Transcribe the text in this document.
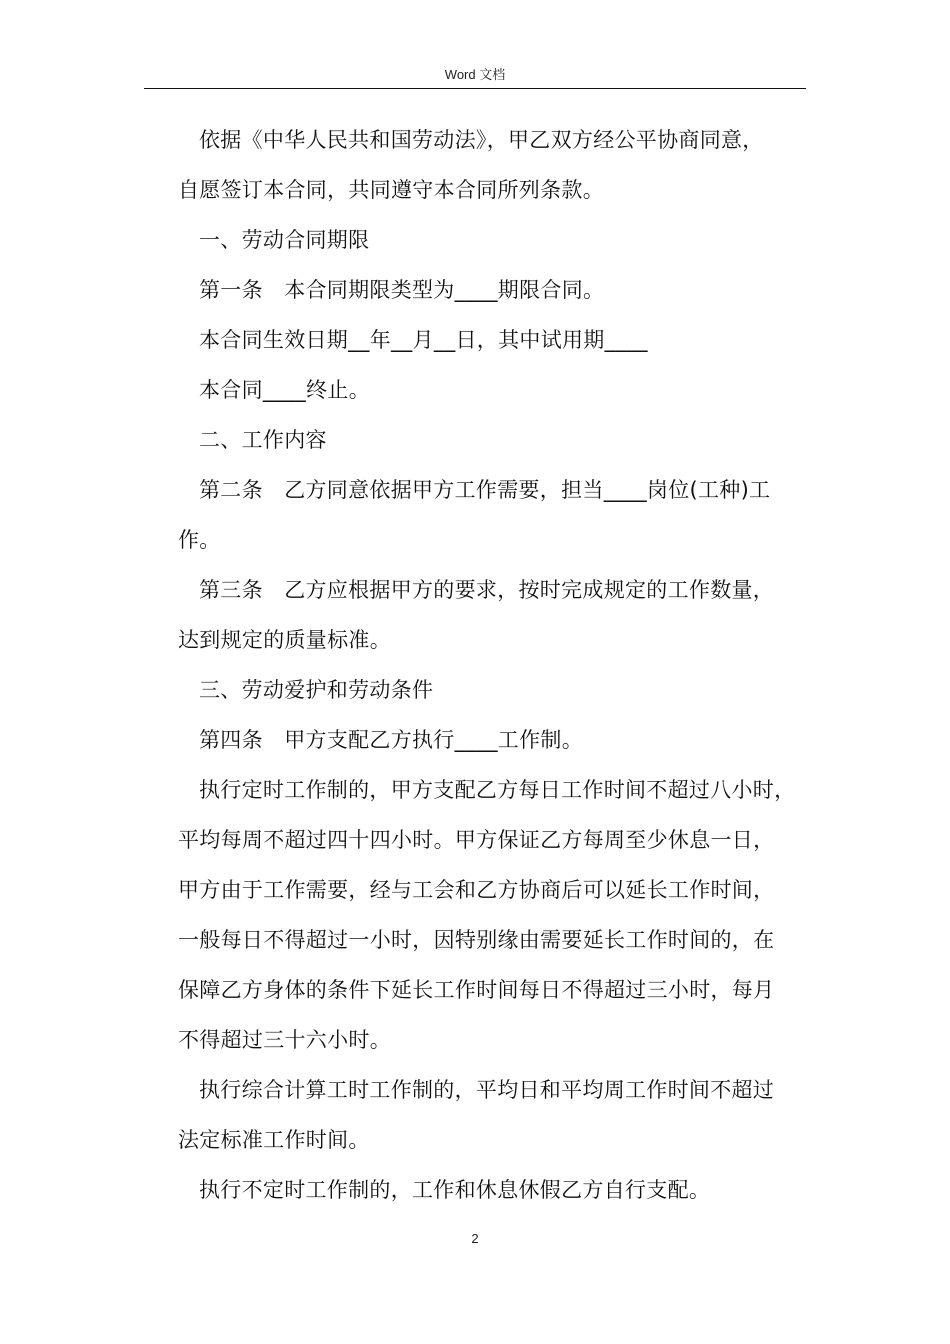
Word 文档
依据《中华人民共和国劳动法》，甲乙双方经公平协商同意，
自愿签订本合同，共同遵守本合同所列条款。
一、劳动合同期限
第一条　本合同期限类型为____期限合同。
本合同生效日期__年__月__日，其中试用期____
本合同____终止。
二、工作内容
第二条　乙方同意依据甲方工作需要，担当____岗位(工种)工
作。
第三条　乙方应根据甲方的要求，按时完成规定的工作数量，
达到规定的质量标准。
三、劳动爱护和劳动条件
第四条　甲方支配乙方执行____工作制。
执行定时工作制的，甲方支配乙方每日工作时间不超过八小时，
平均每周不超过四十四小时。甲方保证乙方每周至少休息一日，
甲方由于工作需要，经与工会和乙方协商后可以延长工作时间，
一般每日不得超过一小时，因特别缘由需要延长工作时间的，在
保障乙方身体的条件下延长工作时间每日不得超过三小时，每月
不得超过三十六小时。
执行综合计算工时工作制的，平均日和平均周工作时间不超过
法定标准工作时间。
执行不定时工作制的，工作和休息休假乙方自行支配。
2
